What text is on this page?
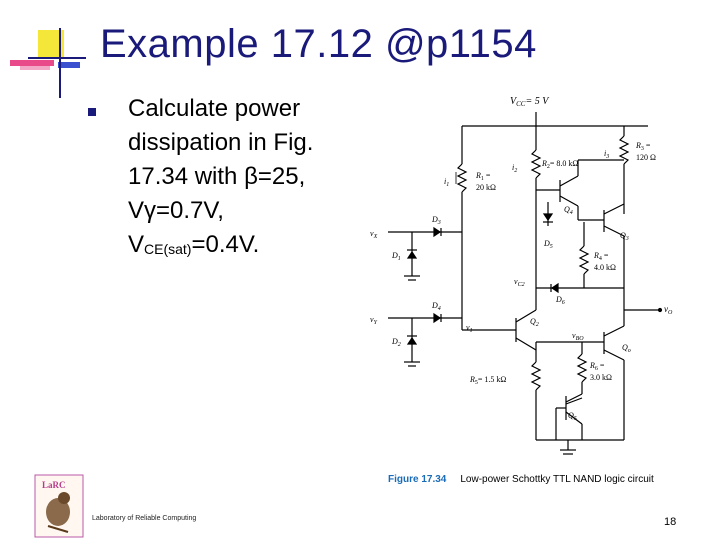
Example 17.12 @p1154
Calculate power
dissipation in Fig.
17.34 with β=25,
Vγ=0.7V,
$V_{CE(sat)}=0.4V$.
$V_{CC}= 5$ V
$R_1$ =
20 kΩ
$i_1$
$R_2= 8.0$ kΩ
$i_2$
$R_3$ =
120 Ω
$i_3$
$Q_4$
$D_5$
$Q_3$
$R_4$ =
4.0 kΩ
$D_6$
$v_{C2}$
$v_O$
$v_X$
$D_3$
$v_Y$
$D_4$
$D_1$
$D_2$
$v_1$
$Q_2$
$v_{BO}$
$Q_o$
$R_5= 1.5$ kΩ
$R_6$ =
3.0 kΩ
$Q_5$
Figure 17.34 Low-power Schottky TTL NAND logic circuit
LaRC
Laboratory of Reliable Computing	18
